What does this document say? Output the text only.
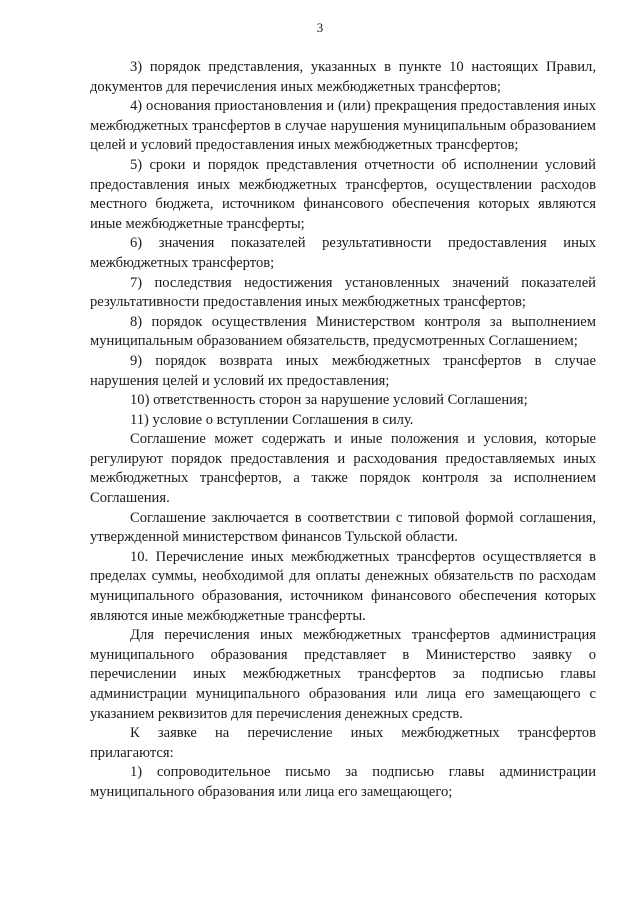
3

3) порядок представления, указанных в пункте 10 настоящих Правил, документов для перечисления иных межбюджетных трансфертов;

4) основания приостановления и (или) прекращения предоставления иных межбюджетных трансфертов в случае нарушения муниципальным образованием целей и условий предоставления иных межбюджетных трансфертов;

5) сроки и порядок представления отчетности об исполнении условий предоставления иных межбюджетных трансфертов, осуществлении расходов местного бюджета, источником финансового обеспечения которых являются иные межбюджетные трансферты;

6) значения показателей результативности предоставления иных межбюджетных трансфертов;

7) последствия недостижения установленных значений показателей результативности предоставления иных межбюджетных трансфертов;

8) порядок осуществления Министерством контроля за выполнением муниципальным образованием обязательств, предусмотренных Соглашением;

9) порядок возврата иных межбюджетных трансфертов в случае нарушения целей и условий их предоставления;

10) ответственность сторон за нарушение условий Соглашения;

11) условие о вступлении Соглашения в силу.

Соглашение может содержать и иные положения и условия, которые регулируют порядок предоставления и расходования предоставляемых иных межбюджетных трансфертов, а также порядок контроля за исполнением Соглашения.

Соглашение заключается в соответствии с типовой формой соглашения, утвержденной министерством финансов Тульской области.

10. Перечисление иных межбюджетных трансфертов осуществляется в пределах суммы, необходимой для оплаты денежных обязательств по расходам муниципального образования, источником финансового обеспечения которых являются иные межбюджетные трансферты.

Для перечисления иных межбюджетных трансфертов администрация муниципального образования представляет в Министерство заявку о перечислении иных межбюджетных трансфертов за подписью главы администрации муниципального образования или лица его замещающего с указанием реквизитов для перечисления денежных средств.

К заявке на перечисление иных межбюджетных трансфертов прилагаются:

1) сопроводительное письмо за подписью главы администрации муниципального образования или лица его замещающего;
